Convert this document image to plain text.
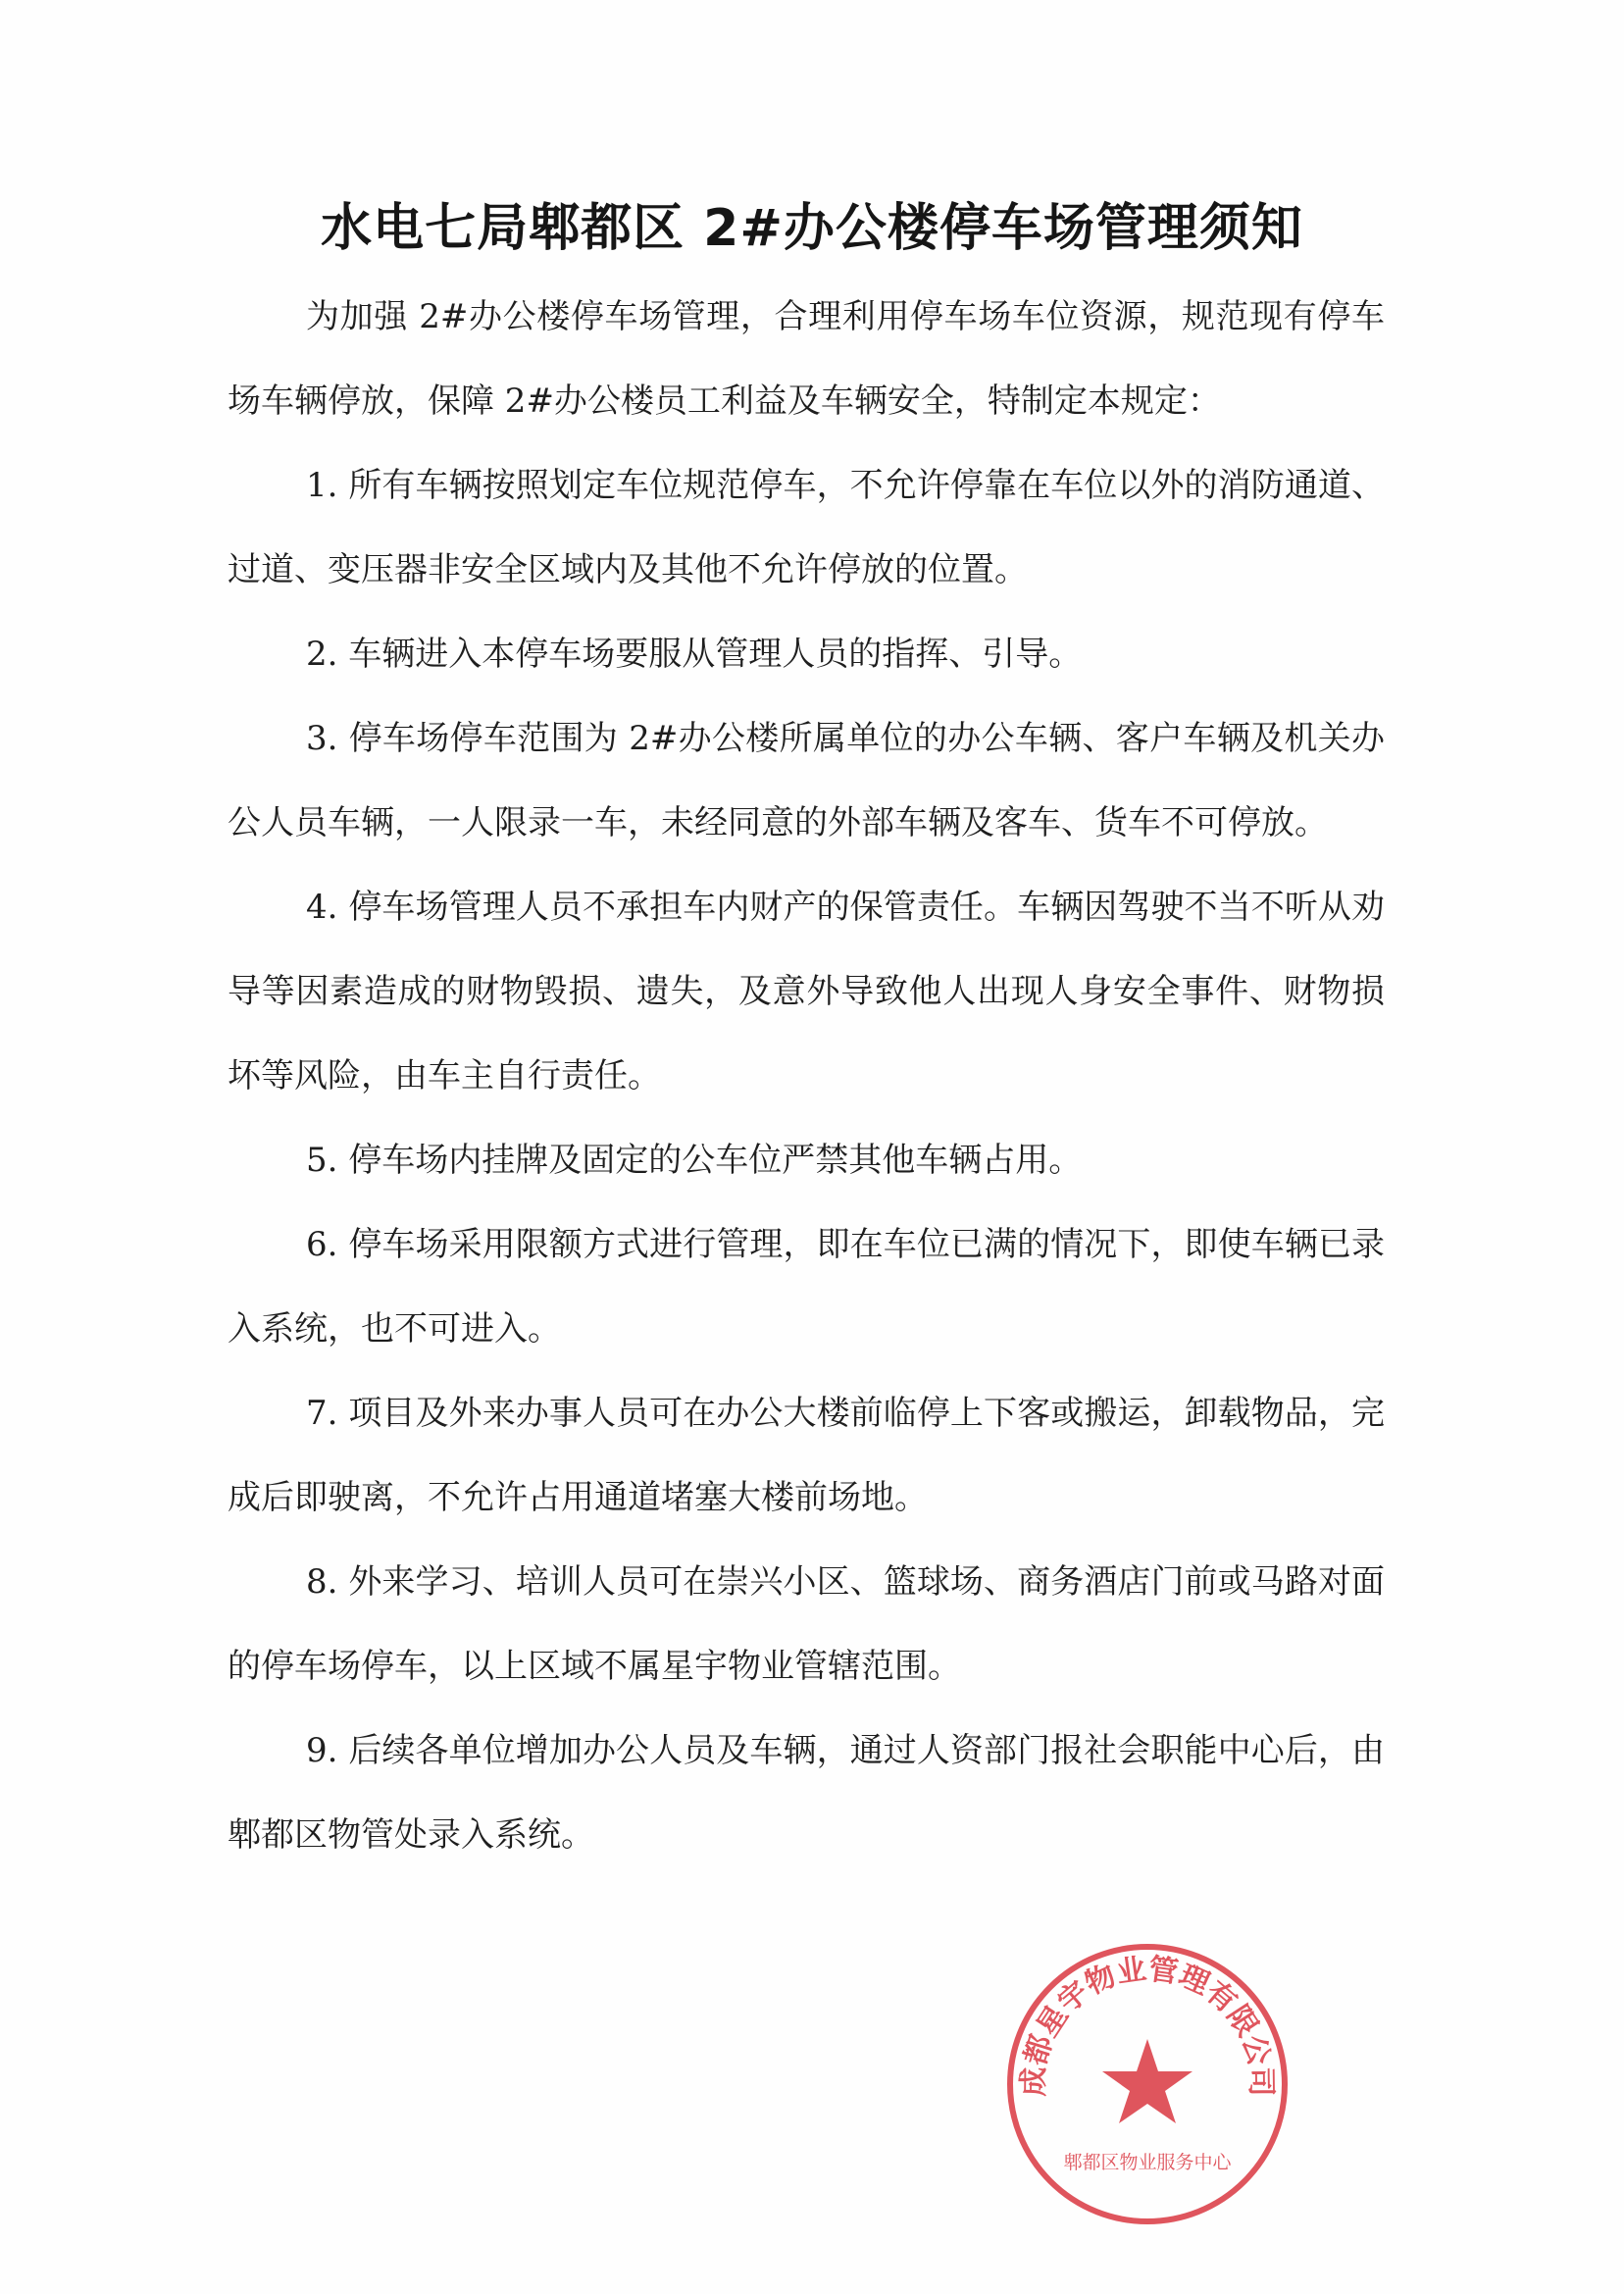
水电七局郫都区 2#办公楼停车场管理须知

为加强 2#办公楼停车场管理，合理利用停车场车位资源，规范现有停车场车辆停放，保障 2#办公楼员工利益及车辆安全，特制定本规定：

1. 所有车辆按照划定车位规范停车，不允许停靠在车位以外的消防通道、过道、变压器非安全区域内及其他不允许停放的位置。

2. 车辆进入本停车场要服从管理人员的指挥、引导。

3. 停车场停车范围为 2#办公楼所属单位的办公车辆、客户车辆及机关办公人员车辆，一人限录一车，未经同意的外部车辆及客车、货车不可停放。

4. 停车场管理人员不承担车内财产的保管责任。车辆因驾驶不当不听从劝导等因素造成的财物毁损、遗失，及意外导致他人出现人身安全事件、财物损坏等风险，由车主自行责任。

5. 停车场内挂牌及固定的公车位严禁其他车辆占用。

6. 停车场采用限额方式进行管理，即在车位已满的情况下，即使车辆已录入系统，也不可进入。

7. 项目及外来办事人员可在办公大楼前临停上下客或搬运，卸载物品，完成后即驶离，不允许占用通道堵塞大楼前场地。

8. 外来学习、培训人员可在崇兴小区、篮球场、商务酒店门前或马路对面的停车场停车，以上区域不属星宇物业管辖范围。

9. 后续各单位增加办公人员及车辆，通过人资部门报社会职能中心后，由郫都区物管处录入系统。

成都星宇物业管理有限公司
郫都区物业服务中心
